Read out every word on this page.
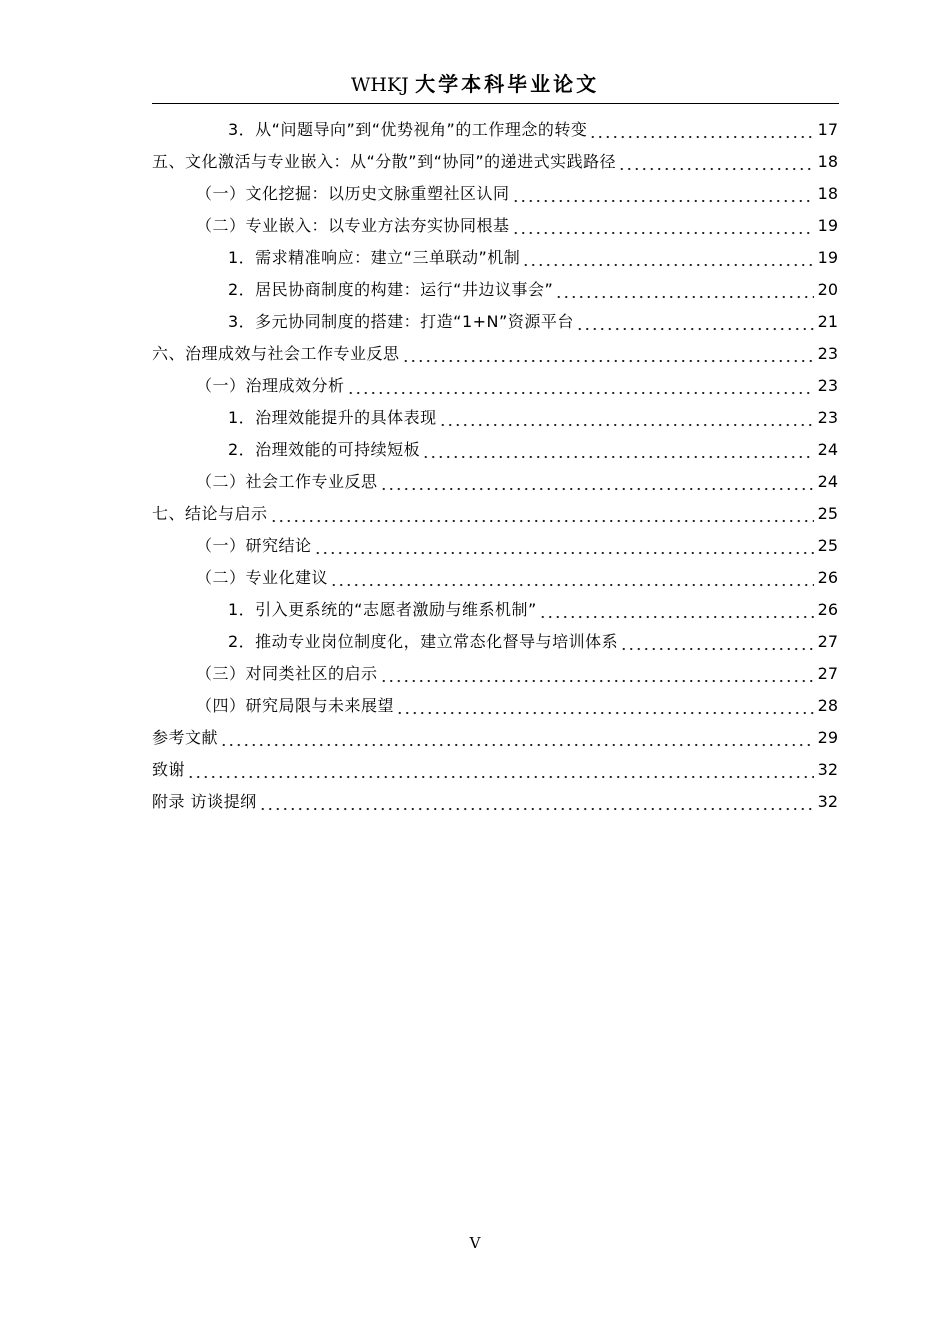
WHKJ 大学本科毕业论文
3．从“问题导向”到“优势视角”的工作理念的转变	17
五、文化激活与专业嵌入：从“分散”到“协同”的递进式实践路径	18
（一）文化挖掘：以历史文脉重塑社区认同	18
（二）专业嵌入：以专业方法夯实协同根基	19
1．需求精准响应：建立“三单联动”机制	19
2．居民协商制度的构建：运行“井边议事会”	20
3．多元协同制度的搭建：打造“1+N”资源平台	21
六、治理成效与社会工作专业反思	23
（一）治理成效分析	23
1．治理效能提升的具体表现	23
2．治理效能的可持续短板	24
（二）社会工作专业反思	24
七、结论与启示	25
（一）研究结论	25
（二）专业化建议	26
1．引入更系统的“志愿者激励与维系机制”	26
2．推动专业岗位制度化，建立常态化督导与培训体系	27
（三）对同类社区的启示	27
（四）研究局限与未来展望	28
参考文献	29
致谢	32
附录 访谈提纲	32
V
